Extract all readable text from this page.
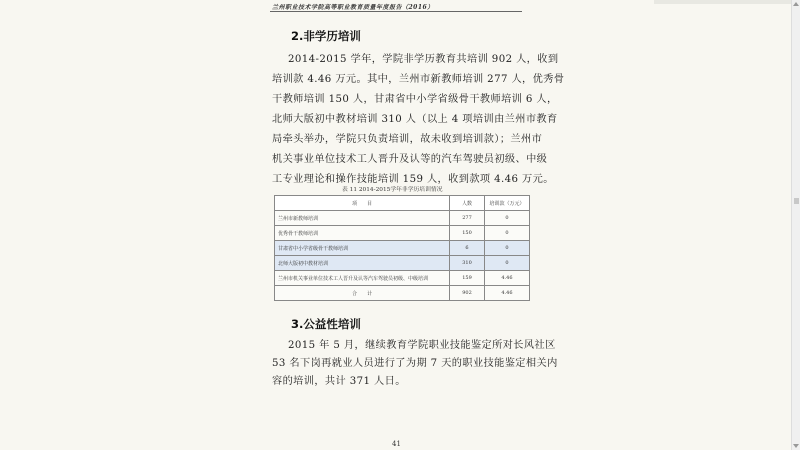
兰州职业技术学院高等职业教育质量年度报告（2016）
2.非学历培训
2014-2015 学年，学院非学历教育共培训 902 人，收到
培训款 4.46 万元。其中，兰州市新教师培训 277 人，优秀骨
干教师培训 150 人，甘肃省中小学省级骨干教师培训 6 人，
北师大版初中教材培训 310 人（以上 4 项培训由兰州市教育
局牵头举办，学院只负责培训，故未收到培训款）；兰州市
机关事业单位技术工人晋升及认等的汽车驾驶员初级、中级
工专业理论和操作技能培训 159 人，收到款项 4.46 万元。
表 11 2014-2015学年非学历培训情况
项　　目	人数	培训款（万元）
兰州市新教师培训	277	0
优秀骨干教师培训	150	0
甘肃省中小学省级骨干教师培训	6	0
北师大版初中教材培训	310	0
兰州市机关事业单位技术工人晋升及认等汽车驾驶员初级、中级培训	159	4.46
合　　计	902	4.46
3.公益性培训
2015 年 5 月，继续教育学院职业技能鉴定所对长风社区
53 名下岗再就业人员进行了为期 7 天的职业技能鉴定相关内
容的培训，共计 371 人日。
41
